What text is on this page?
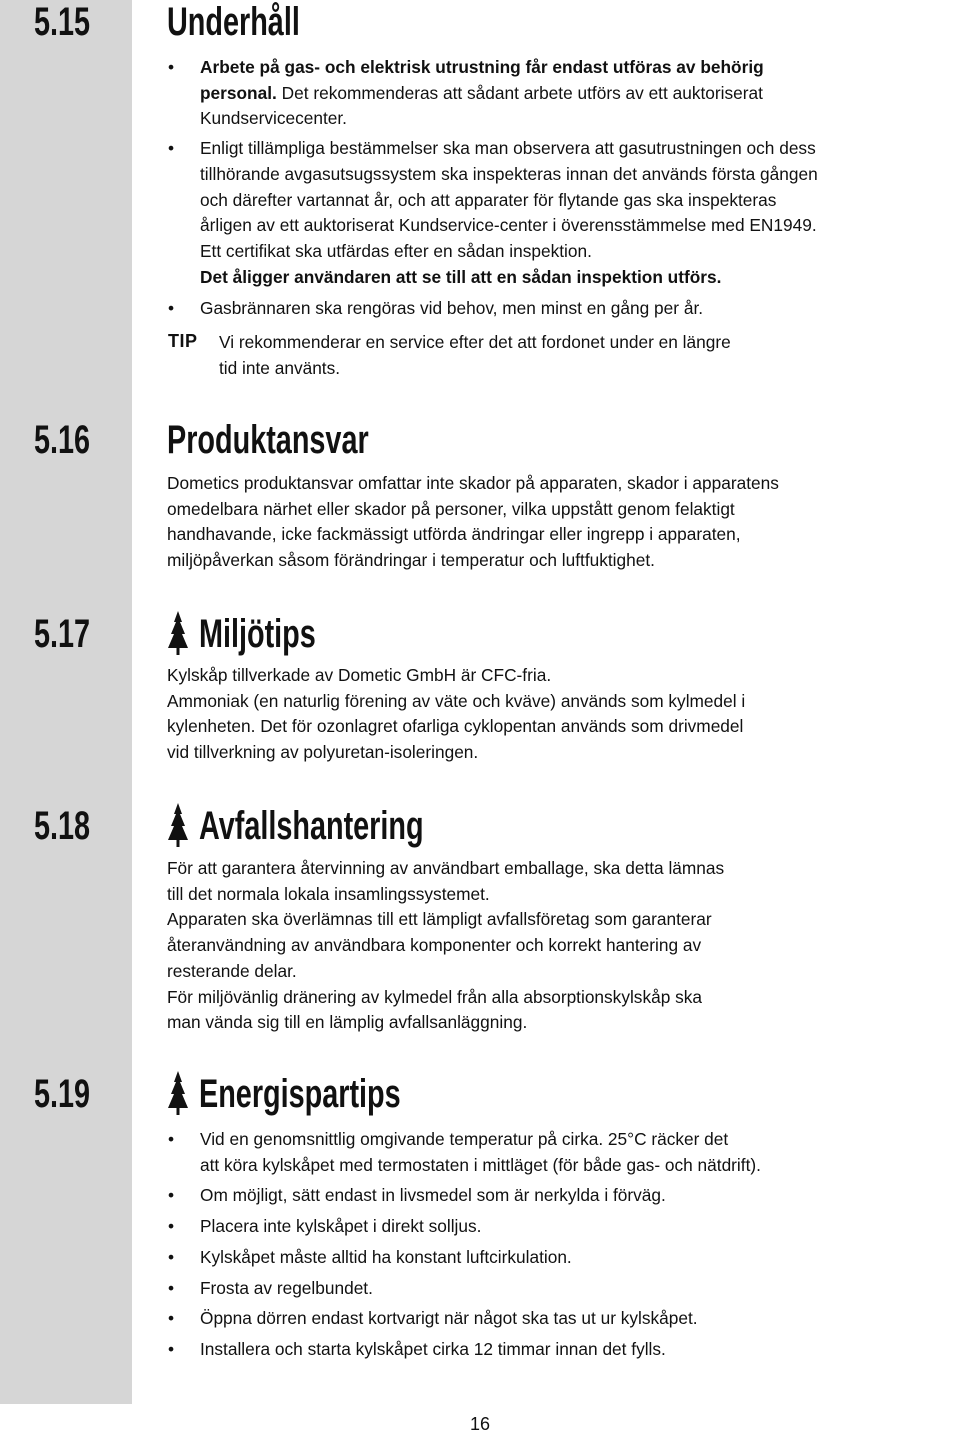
5.15 Underhåll
• Arbete på gas- och elektrisk utrustning får endast utföras av behörig
personal. Det rekommenderas att sådant arbete utförs av ett auktoriserat
Kundservicecenter.
• Enligt tillämpliga bestämmelser ska man observera att gasutrustningen och dess
tillhörande avgasutsugssystem ska inspekteras innan det används första gången
och därefter vartannat år, och att apparater för flytande gas ska inspekteras
årligen av ett auktoriserat Kundservice-center i överensstämmelse med EN1949.
Ett certifikat ska utfärdas efter en sådan inspektion.
Det åligger användaren att se till att en sådan inspektion utförs.
• Gasbrännaren ska rengöras vid behov, men minst en gång per år.
TIP Vi rekommenderar en service efter det att fordonet under en längre

tid inte använts.

5.16 Produktansvar

Dometics produktansvar omfattar inte skador på apparaten, skador i apparatens

omedelbara närhet eller skador på personer, vilka uppstått genom felaktigt

handhavande, icke fackmässigt utförda ändringar eller ingrepp i apparaten,

miljöpåverkan såsom förändringar i temperatur och luftfuktighet.

5.17	Miljötips

Kylskåp tillverkade av Dometic GmbH är CFC-fria.

Ammoniak (en naturlig förening av väte och kväve) används som kylmedel i

kylenheten. Det för ozonlagret ofarliga cyklopentan används som drivmedel

vid tillverkning av polyuretan-isoleringen.

5.18	Avfallshantering

För att garantera återvinning av användbart emballage, ska detta lämnas

till det normala lokala insamlingssystemet.

Apparaten ska överlämnas till ett lämpligt avfallsföretag som garanterar

återanvändning av användbara komponenter och korrekt hantering av

resterande delar.

För miljövänlig dränering av kylmedel från alla absorptionskylskåp ska

man vända sig till en lämplig avfallsanläggning.

5.19	Energispartips
• Vid en genomsnittlig omgivande temperatur på cirka. 25°C räcker det
att köra kylskåpet med termostaten i mittläget (för både gas- och nätdrift).
• Om möjligt, sätt endast in livsmedel som är nerkylda i förväg.
• Placera inte kylskåpet i direkt solljus.
• Kylskåpet måste alltid ha konstant luftcirkulation.
• Frosta av regelbundet.
• Öppna dörren endast kortvarigt när något ska tas ut ur kylskåpet.
• Installera och starta kylskåpet cirka 12 timmar innan det fylls.
16
